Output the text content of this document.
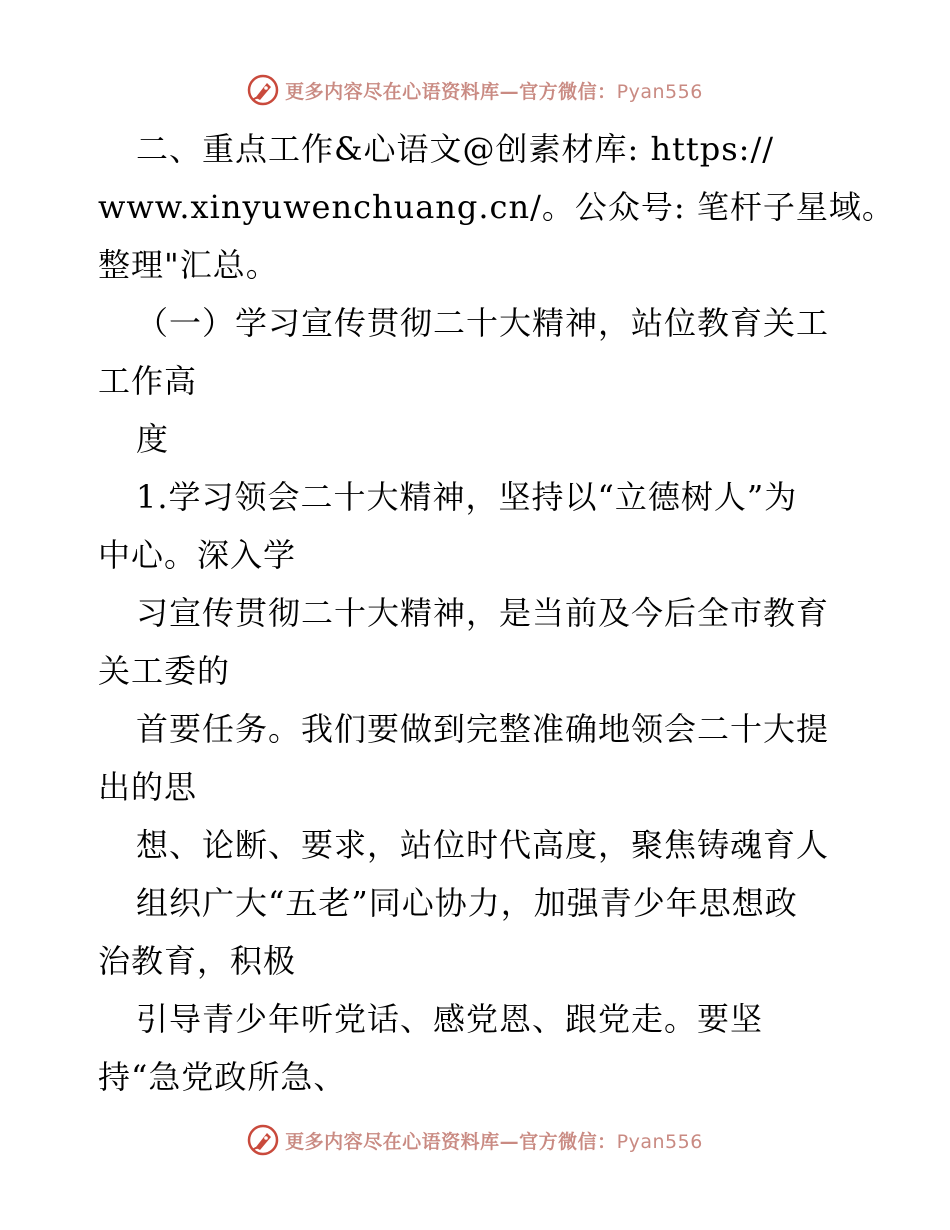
更多内容尽在心语资料库—官方微信：Pyan556
二、重点工作&心语文@创素材库: https://
www.xinyuwenchuang.cn/。公众号: 笔杆子星域。
整理"汇总。
（一）学习宣传贯彻二十大精神，站位教育关工
工作高
度
1.学习领会二十大精神，坚持以“立德树人”为
中心。深入学
习宣传贯彻二十大精神，是当前及今后全市教育
关工委的
首要任务。我们要做到完整准确地领会二十大提
出的思
想、论断、要求，站位时代高度，聚焦铸魂育人
组织广大“五老”同心协力，加强青少年思想政
治教育，积极
引导青少年听党话、感党恩、跟党走。要坚
持“急党政所急、
更多内容尽在心语资料库—官方微信：Pyan556
